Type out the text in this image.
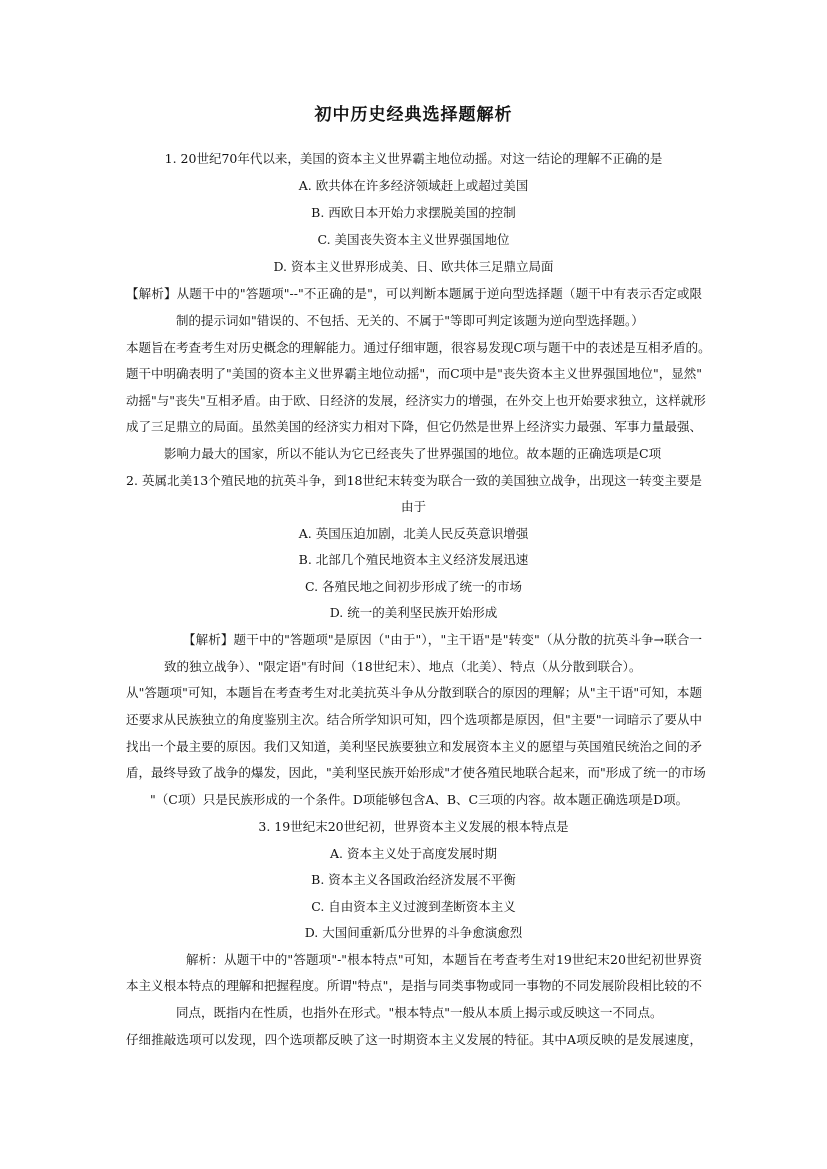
初中历史经典选择题解析

1. 20世纪70年代以来，美国的资本主义世界霸主地位动摇。对这一结论的理解不正确的是

A. 欧共体在许多经济领域赶上或超过美国

B. 西欧日本开始力求摆脱美国的控制

C. 美国丧失资本主义世界强国地位

D. 资本主义世界形成美、日、欧共体三足鼎立局面

【解析】从题干中的"答题项"--"不正确的是"，可以判断本题属于逆向型选择题（题干中有表示否定或限

制的提示词如"错误的、不包括、无关的、不属于"等即可判定该题为逆向型选择题。）

本题旨在考查考生对历史概念的理解能力。通过仔细审题，很容易发现C项与题干中的表述是互相矛盾的。

题干中明确表明了"美国的资本主义世界霸主地位动摇"，而C项中是"丧失资本主义世界强国地位"，显然"

动摇"与"丧失"互相矛盾。由于欧、日经济的发展，经济实力的增强，在外交上也开始要求独立，这样就形

成了三足鼎立的局面。虽然美国的经济实力相对下降，但它仍然是世界上经济实力最强、军事力量最强、

影响力最大的国家，所以不能认为它已经丧失了世界强国的地位。故本题的正确选项是C项

2. 英属北美13个殖民地的抗英斗争，到18世纪末转变为联合一致的美国独立战争，出现这一转变主要是

由于

A. 英国压迫加剧，北美人民反英意识增强

B. 北部几个殖民地资本主义经济发展迅速

C. 各殖民地之间初步形成了统一的市场

D. 统一的美利坚民族开始形成

【解析】题干中的"答题项"是原因（"由于"），"主干语"是"转变"（从分散的抗英斗争→联合一

致的独立战争）、"限定语"有时间（18世纪末）、地点（北美）、特点（从分散到联合）。

从"答题项"可知，本题旨在考查考生对北美抗英斗争从分散到联合的原因的理解；从"主干语"可知，本题

还要求从民族独立的角度鉴别主次。结合所学知识可知，四个选项都是原因，但"主要"一词暗示了要从中

找出一个最主要的原因。我们又知道，美利坚民族要独立和发展资本主义的愿望与英国殖民统治之间的矛

盾，最终导致了战争的爆发，因此，"美利坚民族开始形成"才使各殖民地联合起来，而"形成了统一的市场

"（C项）只是民族形成的一个条件。D项能够包含A、B、C三项的内容。故本题正确选项是D项。

3. 19世纪末20世纪初，世界资本主义发展的根本特点是

A. 资本主义处于高度发展时期

B. 资本主义各国政治经济发展不平衡

C. 自由资本主义过渡到垄断资本主义

D. 大国间重新瓜分世界的斗争愈演愈烈

解析：从题干中的"答题项"-"根本特点"可知，本题旨在考查考生对19世纪末20世纪初世界资

本主义根本特点的理解和把握程度。所谓"特点"，是指与同类事物或同一事物的不同发展阶段相比较的不

同点，既指内在性质，也指外在形式。"根本特点"一般从本质上揭示或反映这一不同点。

仔细推敲选项可以发现，四个选项都反映了这一时期资本主义发展的特征。其中A项反映的是发展速度，
